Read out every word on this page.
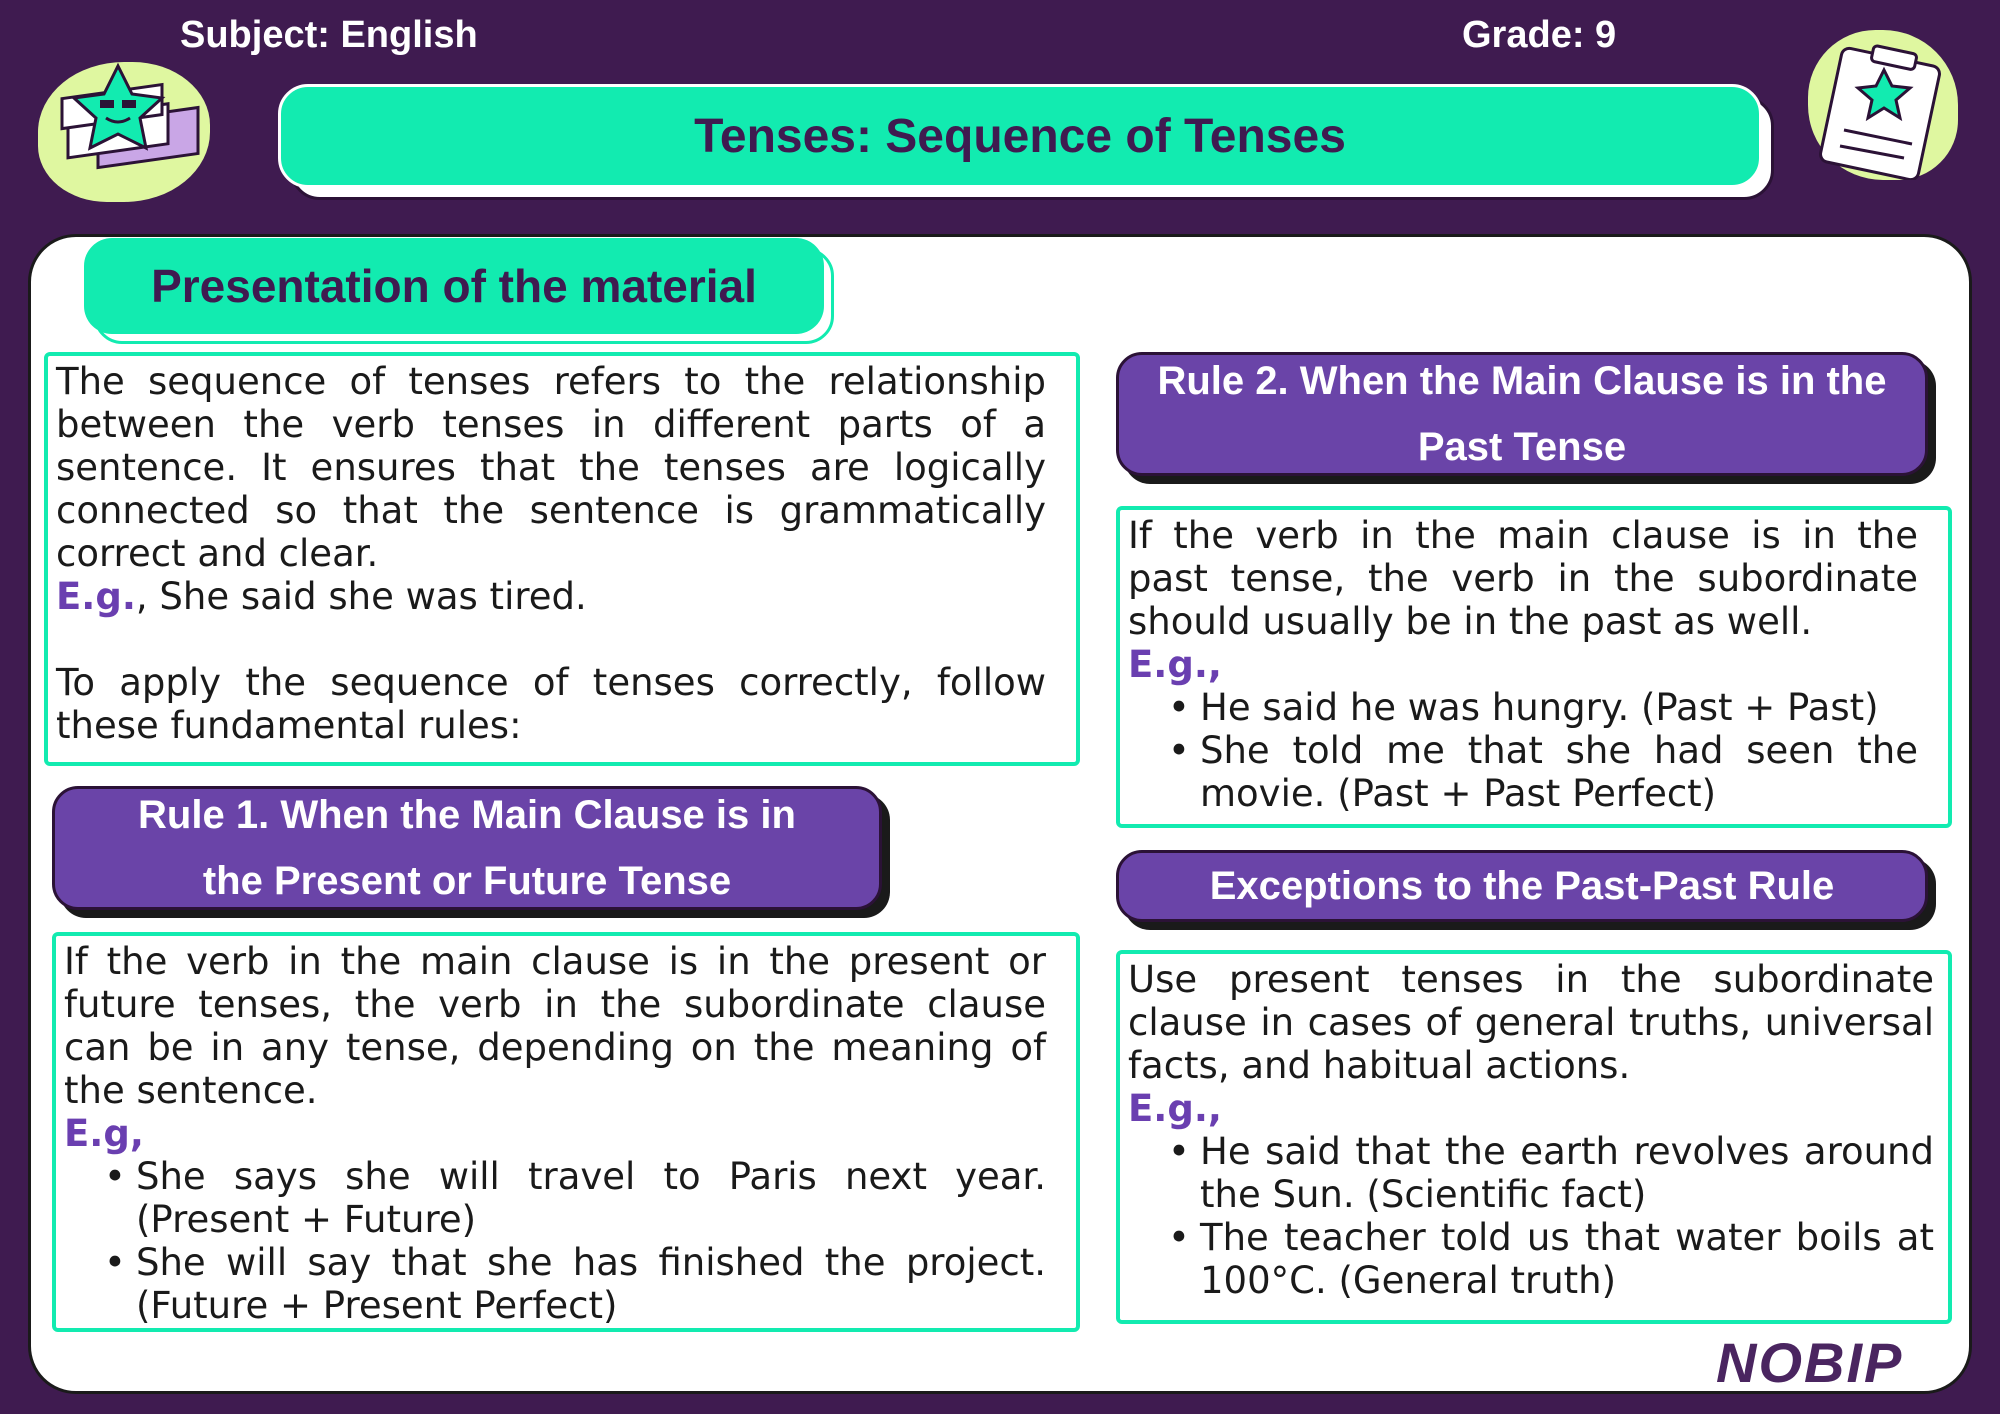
Subject: English	Grade: 9
Tenses: Sequence of Tenses
Presentation of the material
The sequence of tenses refers to the relationship between the verb tenses in different parts of a sentence. It ensures that the tenses are logically connected so that the sentence is grammatically correct and clear.
E.g., She said she was tired.
To apply the sequence of tenses correctly, follow these fundamental rules:
Rule 1. When the Main Clause is in
the Present or Future Tense
If the verb in the main clause is in the present or future tenses, the verb in the subordinate clause can be in any tense, depending on the meaning of the sentence.
E.g,
• She says she will travel to Paris next year. (Present + Future)
• She will say that she has finished the project. (Future + Present Perfect)
Rule 2. When the Main Clause is in the
Past Tense
If the verb in the main clause is in the past tense, the verb in the subordinate should usually be in the past as well.
E.g.,
• He said he was hungry. (Past + Past)
• She told me that she had seen the movie. (Past + Past Perfect)
Exceptions to the Past-Past Rule
Use present tenses in the subordinate clause in cases of general truths, universal facts, and habitual actions.
E.g.,
• He said that the earth revolves around the Sun. (Scientific fact)
• The teacher told us that water boils at 100°C. (General truth)
NOBIP
